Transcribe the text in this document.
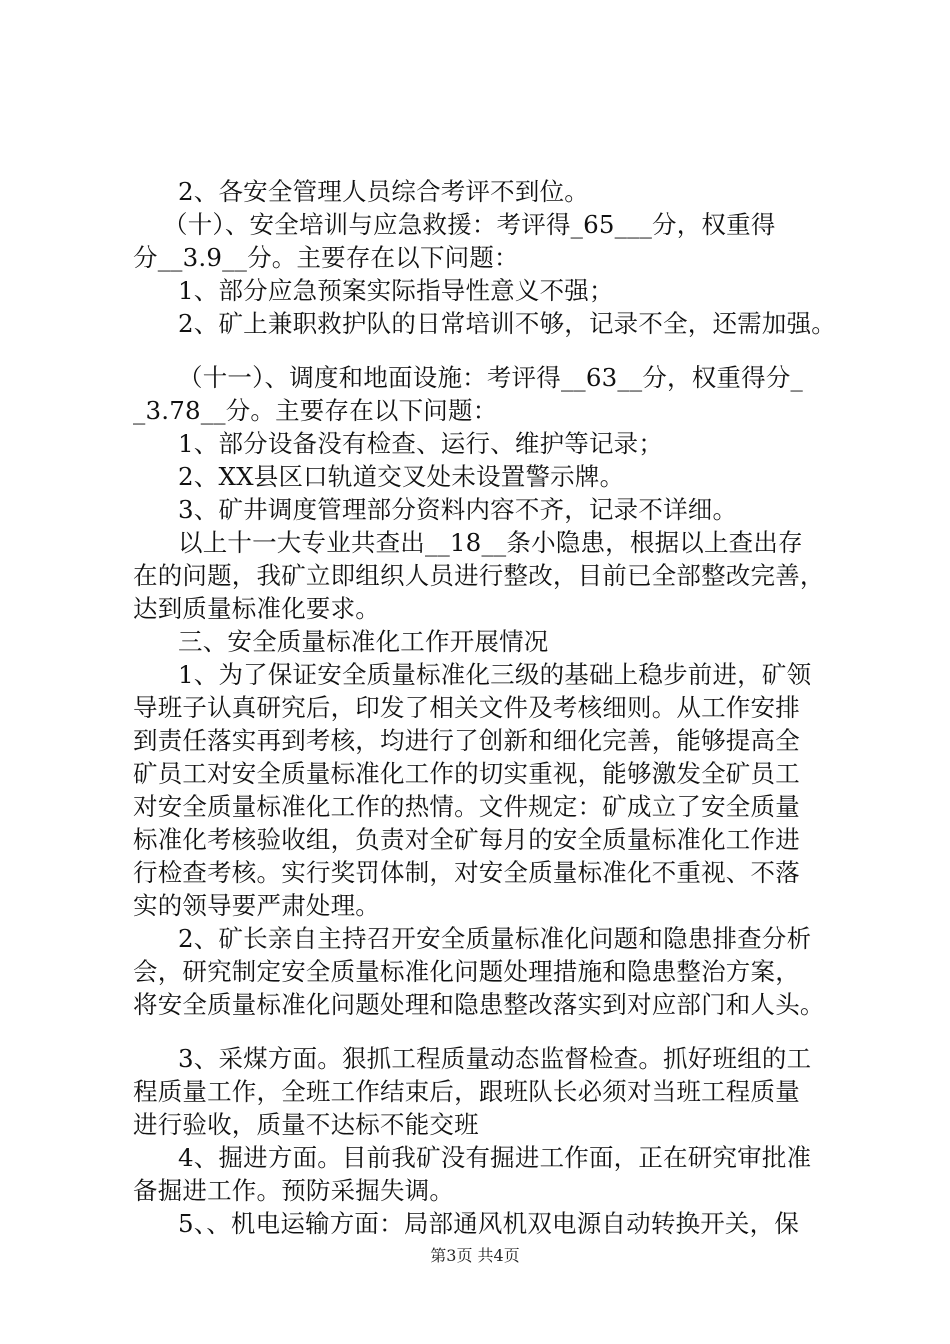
2、各安全管理人员综合考评不到位。
（十）、安全培训与应急救援：考评得_65___分，权重得
分__3.9__分。主要存在以下问题：
1、部分应急预案实际指导性意义不强；
2、矿上兼职救护队的日常培训不够，记录不全，还需加强。
（十一）、调度和地面设施：考评得__63__分，权重得分_
_3.78__分。主要存在以下问题：
1、部分设备没有检查、运行、维护等记录；
2、XX县区口轨道交叉处未设置警示牌。
3、矿井调度管理部分资料内容不齐，记录不详细。
以上十一大专业共查出__18__条小隐患，根据以上查出存
在的问题，我矿立即组织人员进行整改，目前已全部整改完善，
达到质量标准化要求。
三、安全质量标准化工作开展情况
1、为了保证安全质量标准化三级的基础上稳步前进，矿领
导班子认真研究后，印发了相关文件及考核细则。从工作安排
到责任落实再到考核，均进行了创新和细化完善，能够提高全
矿员工对安全质量标准化工作的切实重视，能够激发全矿员工
对安全质量标准化工作的热情。文件规定：矿成立了安全质量
标准化考核验收组，负责对全矿每月的安全质量标准化工作进
行检查考核。实行奖罚体制，对安全质量标准化不重视、不落
实的领导要严肃处理。
2、矿长亲自主持召开安全质量标准化问题和隐患排查分析
会，研究制定安全质量标准化问题处理措施和隐患整治方案，
将安全质量标准化问题处理和隐患整改落实到对应部门和人头。
3、采煤方面。狠抓工程质量动态监督检查。抓好班组的工
程质量工作，全班工作结束后，跟班队长必须对当班工程质量
进行验收，质量不达标不能交班
4、掘进方面。目前我矿没有掘进工作面，正在研究审批准
备掘进工作。预防采掘失调。
5、、机电运输方面：局部通风机双电源自动转换开关，保
第3页 共4页
